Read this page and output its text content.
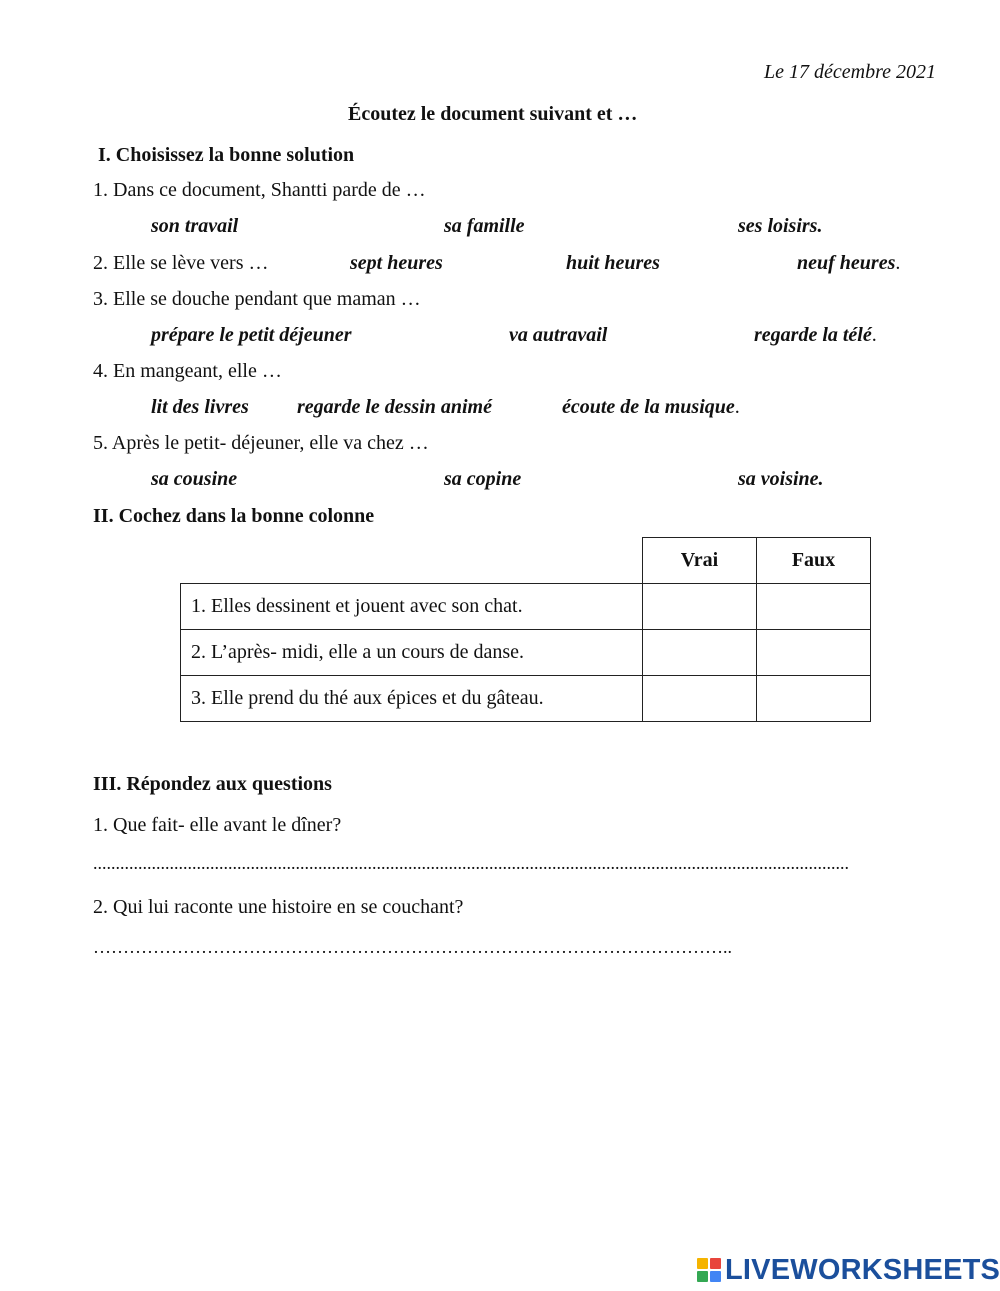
Le 17 décembre 2021
Écoutez le document suivant et …
I. Choisissez la bonne solution
1. Dans ce document, Shantti parde de …
son travail	sa famille	ses loisirs.
2. Elle se lève vers …	sept heures	huit heures	neuf heures.
3. Elle se douche pendant que maman …
prépare le petit déjeuner	va autravail	regarde la télé.
4. En mangeant, elle …
lit des livres regarde le dessin animé	écoute de la musique.
5. Après le petit- déjeuner, elle va chez …
sa cousine	sa copine	sa voisine.
II. Cochez dans la bonne colonne
	Vrai	Faux
1. Elles dessinent et jouent avec son chat.		
2. L’après- midi, elle a un cours de danse.		
3. Elle prend du thé aux épices et du gâteau.		
III. Répondez aux questions
1. Que fait- elle avant le dîner?
........................................................................................................................................................................
2. Qui lui raconte une histoire en se couchant?
……………………………………………………………………………………………..
LIVEWORKSHEETS
